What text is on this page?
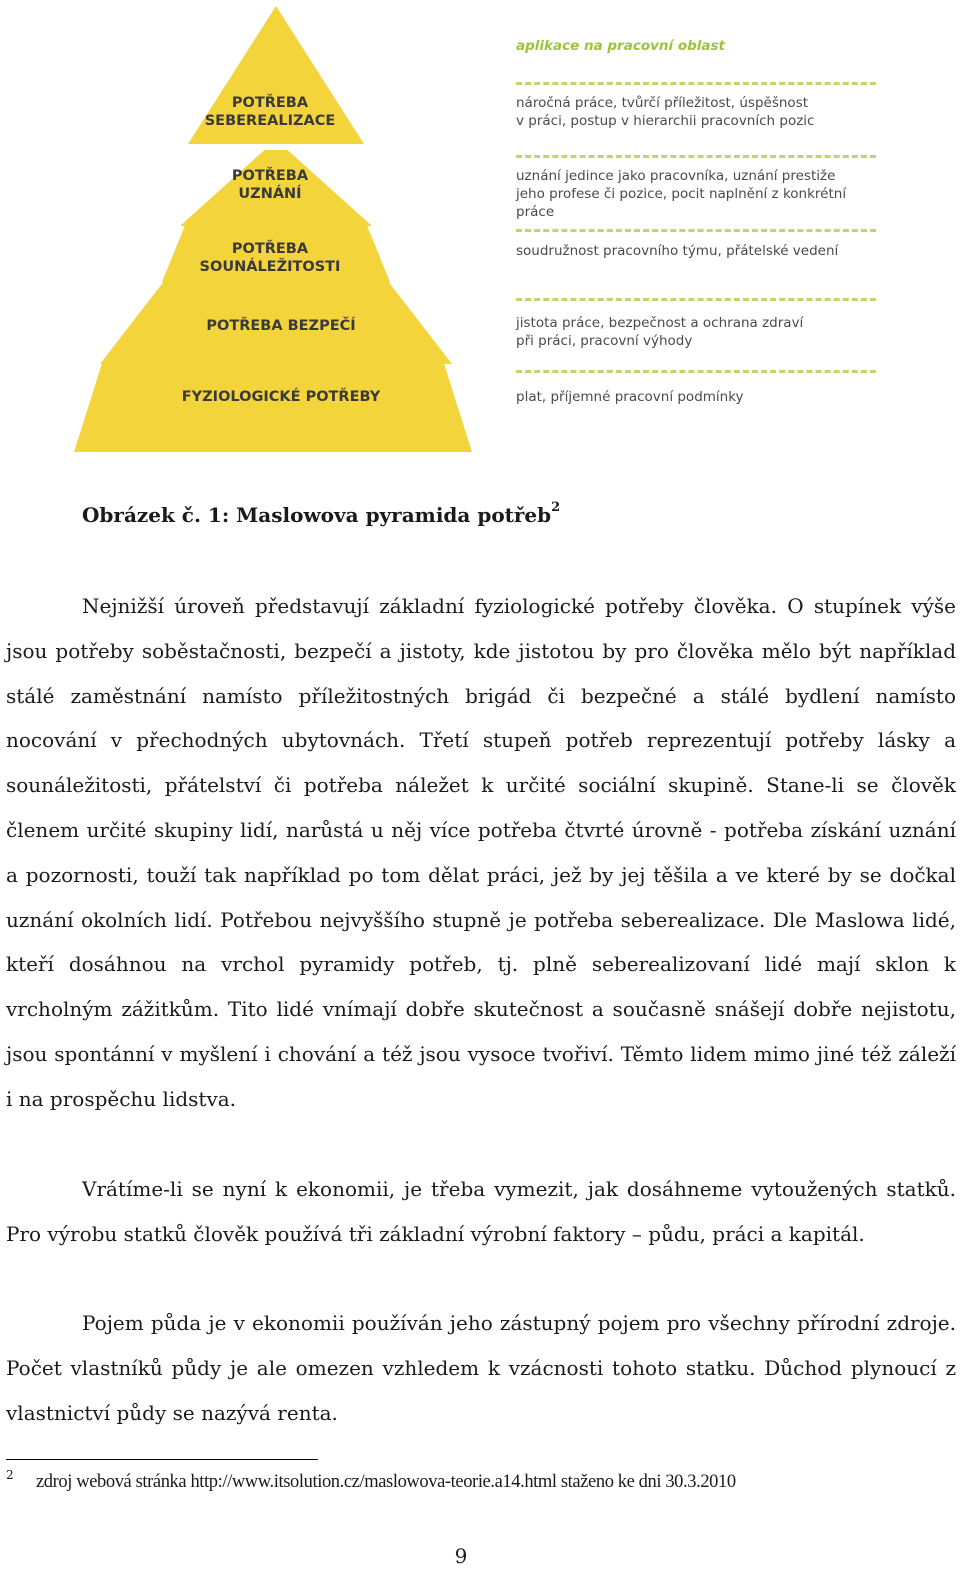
POTŘEBA
SEBEREALIZACE
POTŘEBA
UZNÁNÍ
POTŘEBA
SOUNÁLEŽITOSTI
POTŘEBA BEZPEČÍ
FYZIOLOGICKÉ POTŘEBY
aplikace na pracovní oblast
náročná práce, tvůrčí příležitost, úspěšnost
v práci, postup v hierarchii pracovních pozic
uznání jedince jako pracovníka, uznání prestiže
jeho profese či pozice, pocit naplnění z konkrétní
práce
soudružnost pracovního týmu, přátelské vedení
jistota práce, bezpečnost a ochrana zdraví
při práci, pracovní výhody
plat, příjemné pracovní podmínky
Obrázek č. 1: Maslowova pyramida potřeb$^2$

Nejnižší úroveň představují základní fyziologické potřeby člověka. O stupínek výše jsou potřeby soběstačnosti, bezpečí a jistoty, kde jistotou by pro člověka mělo být například stálé zaměstnání namísto příležitostných brigád či bezpečné a stálé bydlení namísto nocování v přechodných ubytovnách. Třetí stupeň potřeb reprezentují potřeby lásky a sounáležitosti, přátelství či potřeba náležet k určité sociální skupině. Stane-li se člověk členem určité skupiny lidí, narůstá u něj více potřeba čtvrté úrovně - potřeba získání uznání a pozornosti, touží tak například po tom dělat práci, jež by jej těšila a ve které by se dočkal uznání okolních lidí. Potřebou nejvyššího stupně je potřeba seberealizace. Dle Maslowa lidé, kteří dosáhnou na vrchol pyramidy potřeb, tj. plně seberealizovaní lidé mají sklon k vrcholným zážitkům. Tito lidé vnímají dobře skutečnost a současně snášejí dobře nejistotu, jsou spontánní v myšlení i chování a též jsou vysoce tvořiví. Těmto lidem mimo jiné též záleží i na prospěchu lidstva.

Vrátíme-li se nyní k ekonomii, je třeba vymezit, jak dosáhneme vytoužených statků. Pro výrobu statků člověk používá tři základní výrobní faktory – půdu, práci a kapitál.

Pojem půda je v ekonomii používán jeho zástupný pojem pro všechny přírodní zdroje. Počet vlastníků půdy je ale omezen vzhledem k vzácnosti tohoto statku. Důchod plynoucí z vlastnictví půdy se nazývá renta.

2 zdroj webová stránka http://www.itsolution.cz/maslowova-teorie.a14.html staženo ke dni 30.3.2010
9
